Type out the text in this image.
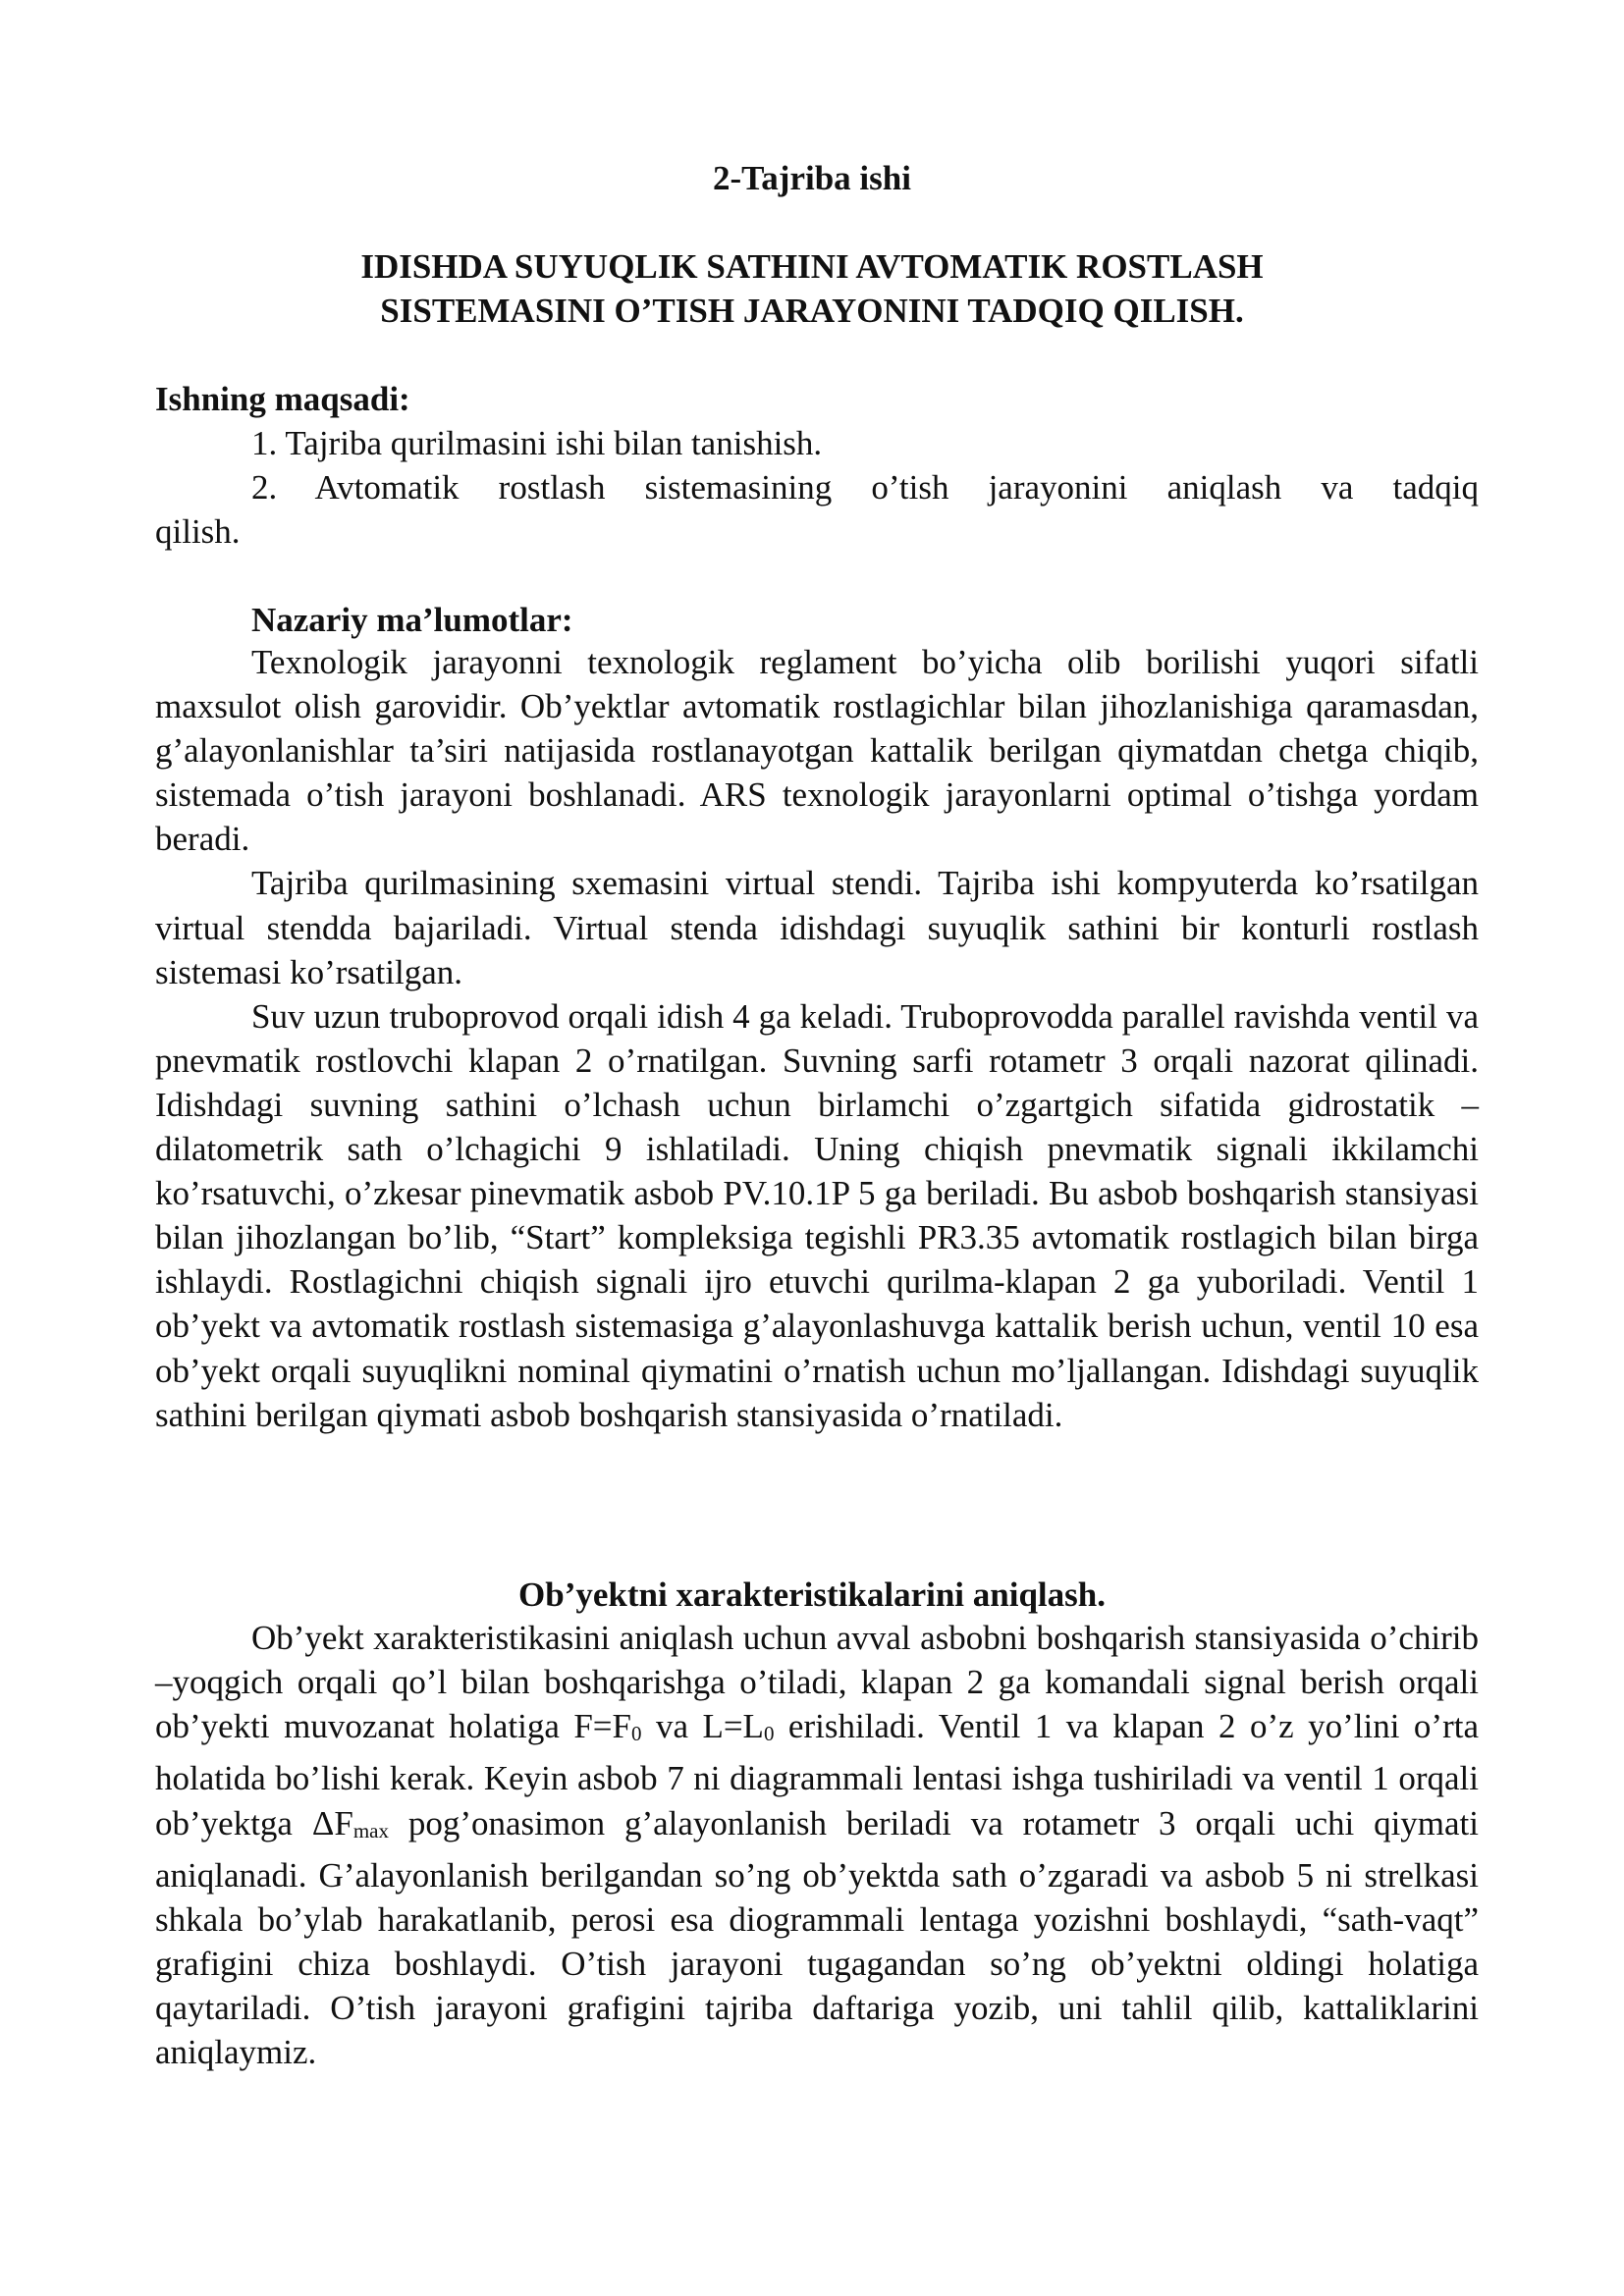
2-Tajriba ishi
IDISHDA SUYUQLIK SATHINI AVTOMATIK ROSTLASH
SISTEMASINI O’TISH JARAYONINI TADQIQ QILISH.
Ishning maqsadi:
1. Tajriba qurilmasini ishi bilan tanishish.
2. Avtomatik rostlash sistemasining o’tish jarayonini aniqlash va tadqiq
qilish.
Nazariy ma’lumotlar:

Texnologik jarayonni texnologik reglament bo’yicha olib borilishi yuqori sifatli maxsulot olish garovidir. Ob’yektlar avtomatik rostlagichlar bilan jihozlanishiga qaramasdan, g’alayonlanishlar ta’siri natijasida rostlanayotgan kattalik berilgan qiymatdan chetga chiqib, sistemada o’tish jarayoni boshlanadi. ARS texnologik jarayonlarni optimal o’tishga yordam beradi.

Tajriba qurilmasining sxemasini virtual stendi. Tajriba ishi kompyuterda ko’rsatilgan virtual stendda bajariladi. Virtual stenda idishdagi suyuqlik sathini bir konturli rostlash sistemasi ko’rsatilgan.

Suv uzun truboprovod orqali idish 4 ga keladi. Truboprovodda parallel ravishda ventil va pnevmatik rostlovchi klapan 2 o’rnatilgan. Suvning sarfi rotametr 3 orqali nazorat qilinadi. Idishdagi suvning sathini o’lchash uchun birlamchi o’zgartgich sifatida gidrostatik – dilatometrik sath o’lchagichi 9 ishlatiladi. Uning chiqish pnevmatik signali ikkilamchi ko’rsatuvchi, o’zkesar pinevmatik asbob PV.10.1P 5 ga beriladi. Bu asbob boshqarish stansiyasi bilan jihozlangan bo’lib, “Start” kompleksiga tegishli PR3.35 avtomatik rostlagich bilan birga ishlaydi. Rostlagichni chiqish signali ijro etuvchi qurilma-klapan 2 ga yuboriladi. Ventil 1 ob’yekt va avtomatik rostlash sistemasiga g’alayonlashuvga kattalik berish uchun, ventil 10 esa ob’yekt orqali suyuqlikni nominal qiymatini o’rnatish uchun mo’ljallangan. Idishdagi suyuqlik sathini berilgan qiymati asbob boshqarish stansiyasida o’rnatiladi.

Ob’yektni xarakteristikalarini aniqlash.

Ob’yekt xarakteristikasini aniqlash uchun avval asbobni boshqarish stansiyasida o’chirib –yoqgich orqali qo’l bilan boshqarishga o’tiladi, klapan 2 ga komandali signal berish orqali ob’yekti muvozanat holatiga $F=F_0$ va $L=L_0$ erishiladi. Ventil 1 va klapan 2 o’z yo’lini o’rta holatida bo’lishi kerak. Keyin asbob 7 ni diagrammali lentasi ishga tushiriladi va ventil 1 orqali ob’yektga $\Delta F_{max}$ pog’onasimon g’alayonlanish beriladi va rotametr 3 orqali uchi qiymati aniqlanadi. G’alayonlanish berilgandan so’ng ob’yektda sath o’zgaradi va asbob 5 ni strelkasi shkala bo’ylab harakatlanib, perosi esa diogrammali lentaga yozishni boshlaydi, “sath-vaqt” grafigini chiza boshlaydi. O’tish jarayoni tugagandan so’ng ob’yektni oldingi holatiga qaytariladi. O’tish jarayoni grafigini tajriba daftariga yozib, uni tahlil qilib, kattaliklarini aniqlaymiz.
